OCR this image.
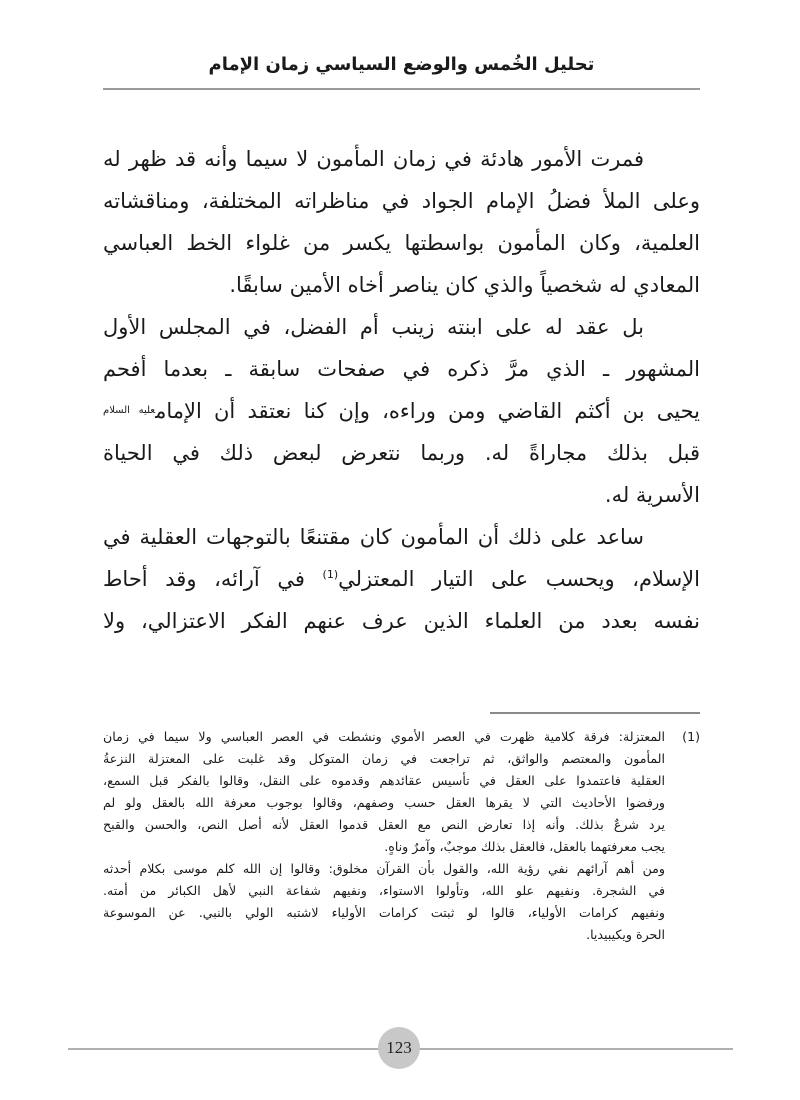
تحليل الخُمس والوضع السياسي زمان الإمام
فمرت الأمور هادئة في زمان المأمون لا سيما وأنه قد ظهر له
وعلى الملأ فضلُ الإمام الجواد في مناظراته المختلفة، ومناقشاته
العلمية، وكان المأمون بواسطتها يكسر من غلواء الخط العباسي
المعادي له شخصياً والذي كان يناصر أخاه الأمين سابقًا.
بل عقد له على ابنته زينب أم الفضل، في المجلس الأول
المشهور ـ الذي مرَّ ذكره في صفحات سابقة ـ بعدما أفحم
يحيى بن أكثم القاضي ومن وراءه، وإن كنا نعتقد أن الإمام$^{عليه السلام}$
قبل بذلك مجاراةً له. وربما نتعرض لبعض ذلك في الحياة
الأسرية له.
ساعد على ذلك أن المأمون كان مقتنعًا بالتوجهات العقلية في
الإسلام، ويحسب على التيار المعتزلي$^{(1)}$ في آرائه، وقد أحاط
نفسه بعدد من العلماء الذين عرف عنهم الفكر الاعتزالي، ولا
(1)
المعتزلة: فرقة كلامية ظهرت في العصر الأموي ونشطت في العصر العباسي ولا سيما في زمان
المأمون والمعتصم والواثق، ثم تراجعت في زمان المتوكل وقد غلبت على المعتزلة النزعةُ
العقلية فاعتمدوا على العقل في تأسيس عقائدهم وقدموه على النقل، وقالوا بالفكر قبل السمع،
ورفضوا الأحاديث التي لا يقرها العقل حسب وصفهم، وقالوا بوجوب معرفة الله بالعقل ولو لم
يرد شرعٌ بذلك. وأنه إذا تعارض النص مع العقل قدموا العقل لأنه أصل النص، والحسن والقبح
يجب معرفتهما بالعقل، فالعقل بذلك موجبٌ، وآمرٌ وناهٍ.
ومن أهم آرائهم نفي رؤية الله، والقول بأن القرآن مخلوق: وقالوا إن الله كلم موسى بكلام أحدثه
في الشجرة. ونفيهم علو الله، وتأولوا الاستواء، ونفيهم شفاعة النبي لأهل الكبائر من أمته.
ونفيهم كرامات الأولياء، قالوا لو ثبتت كرامات الأولياء لاشتبه الولي بالنبي. عن الموسوعة
الحرة ويكيبيديا.
123
